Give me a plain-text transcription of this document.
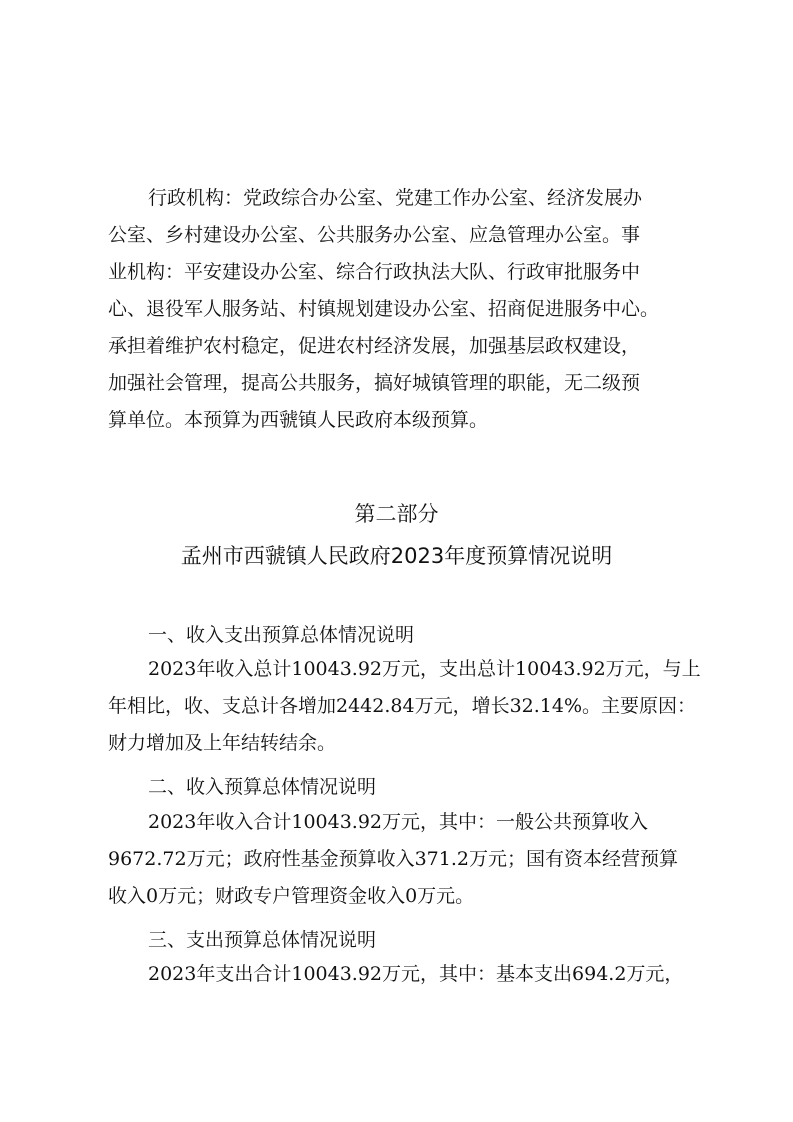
行政机构：党政综合办公室、党建工作办公室、经济发展办
公室、乡村建设办公室、公共服务办公室、应急管理办公室。事
业机构：平安建设办公室、综合行政执法大队、行政审批服务中
心、退役军人服务站、村镇规划建设办公室、招商促进服务中心。
承担着维护农村稳定，促进农村经济发展，加强基层政权建设，
加强社会管理，提高公共服务，搞好城镇管理的职能，无二级预
算单位。本预算为西虢镇人民政府本级预算。

第二部分

孟州市西虢镇人民政府2023年度预算情况说明

一、收入支出预算总体情况说明

2023年收入总计10043.92万元，支出总计10043.92万元，与上
年相比，收、支总计各增加2442.84万元，增长32.14%。主要原因：
财力增加及上年结转结余。

二、收入预算总体情况说明

2023年收入合计10043.92万元，其中：一般公共预算收入
9672.72万元；政府性基金预算收入371.2万元；国有资本经营预算
收入0万元；财政专户管理资金收入0万元。

三、支出预算总体情况说明

2023年支出合计10043.92万元，其中：基本支出694.2万元，
